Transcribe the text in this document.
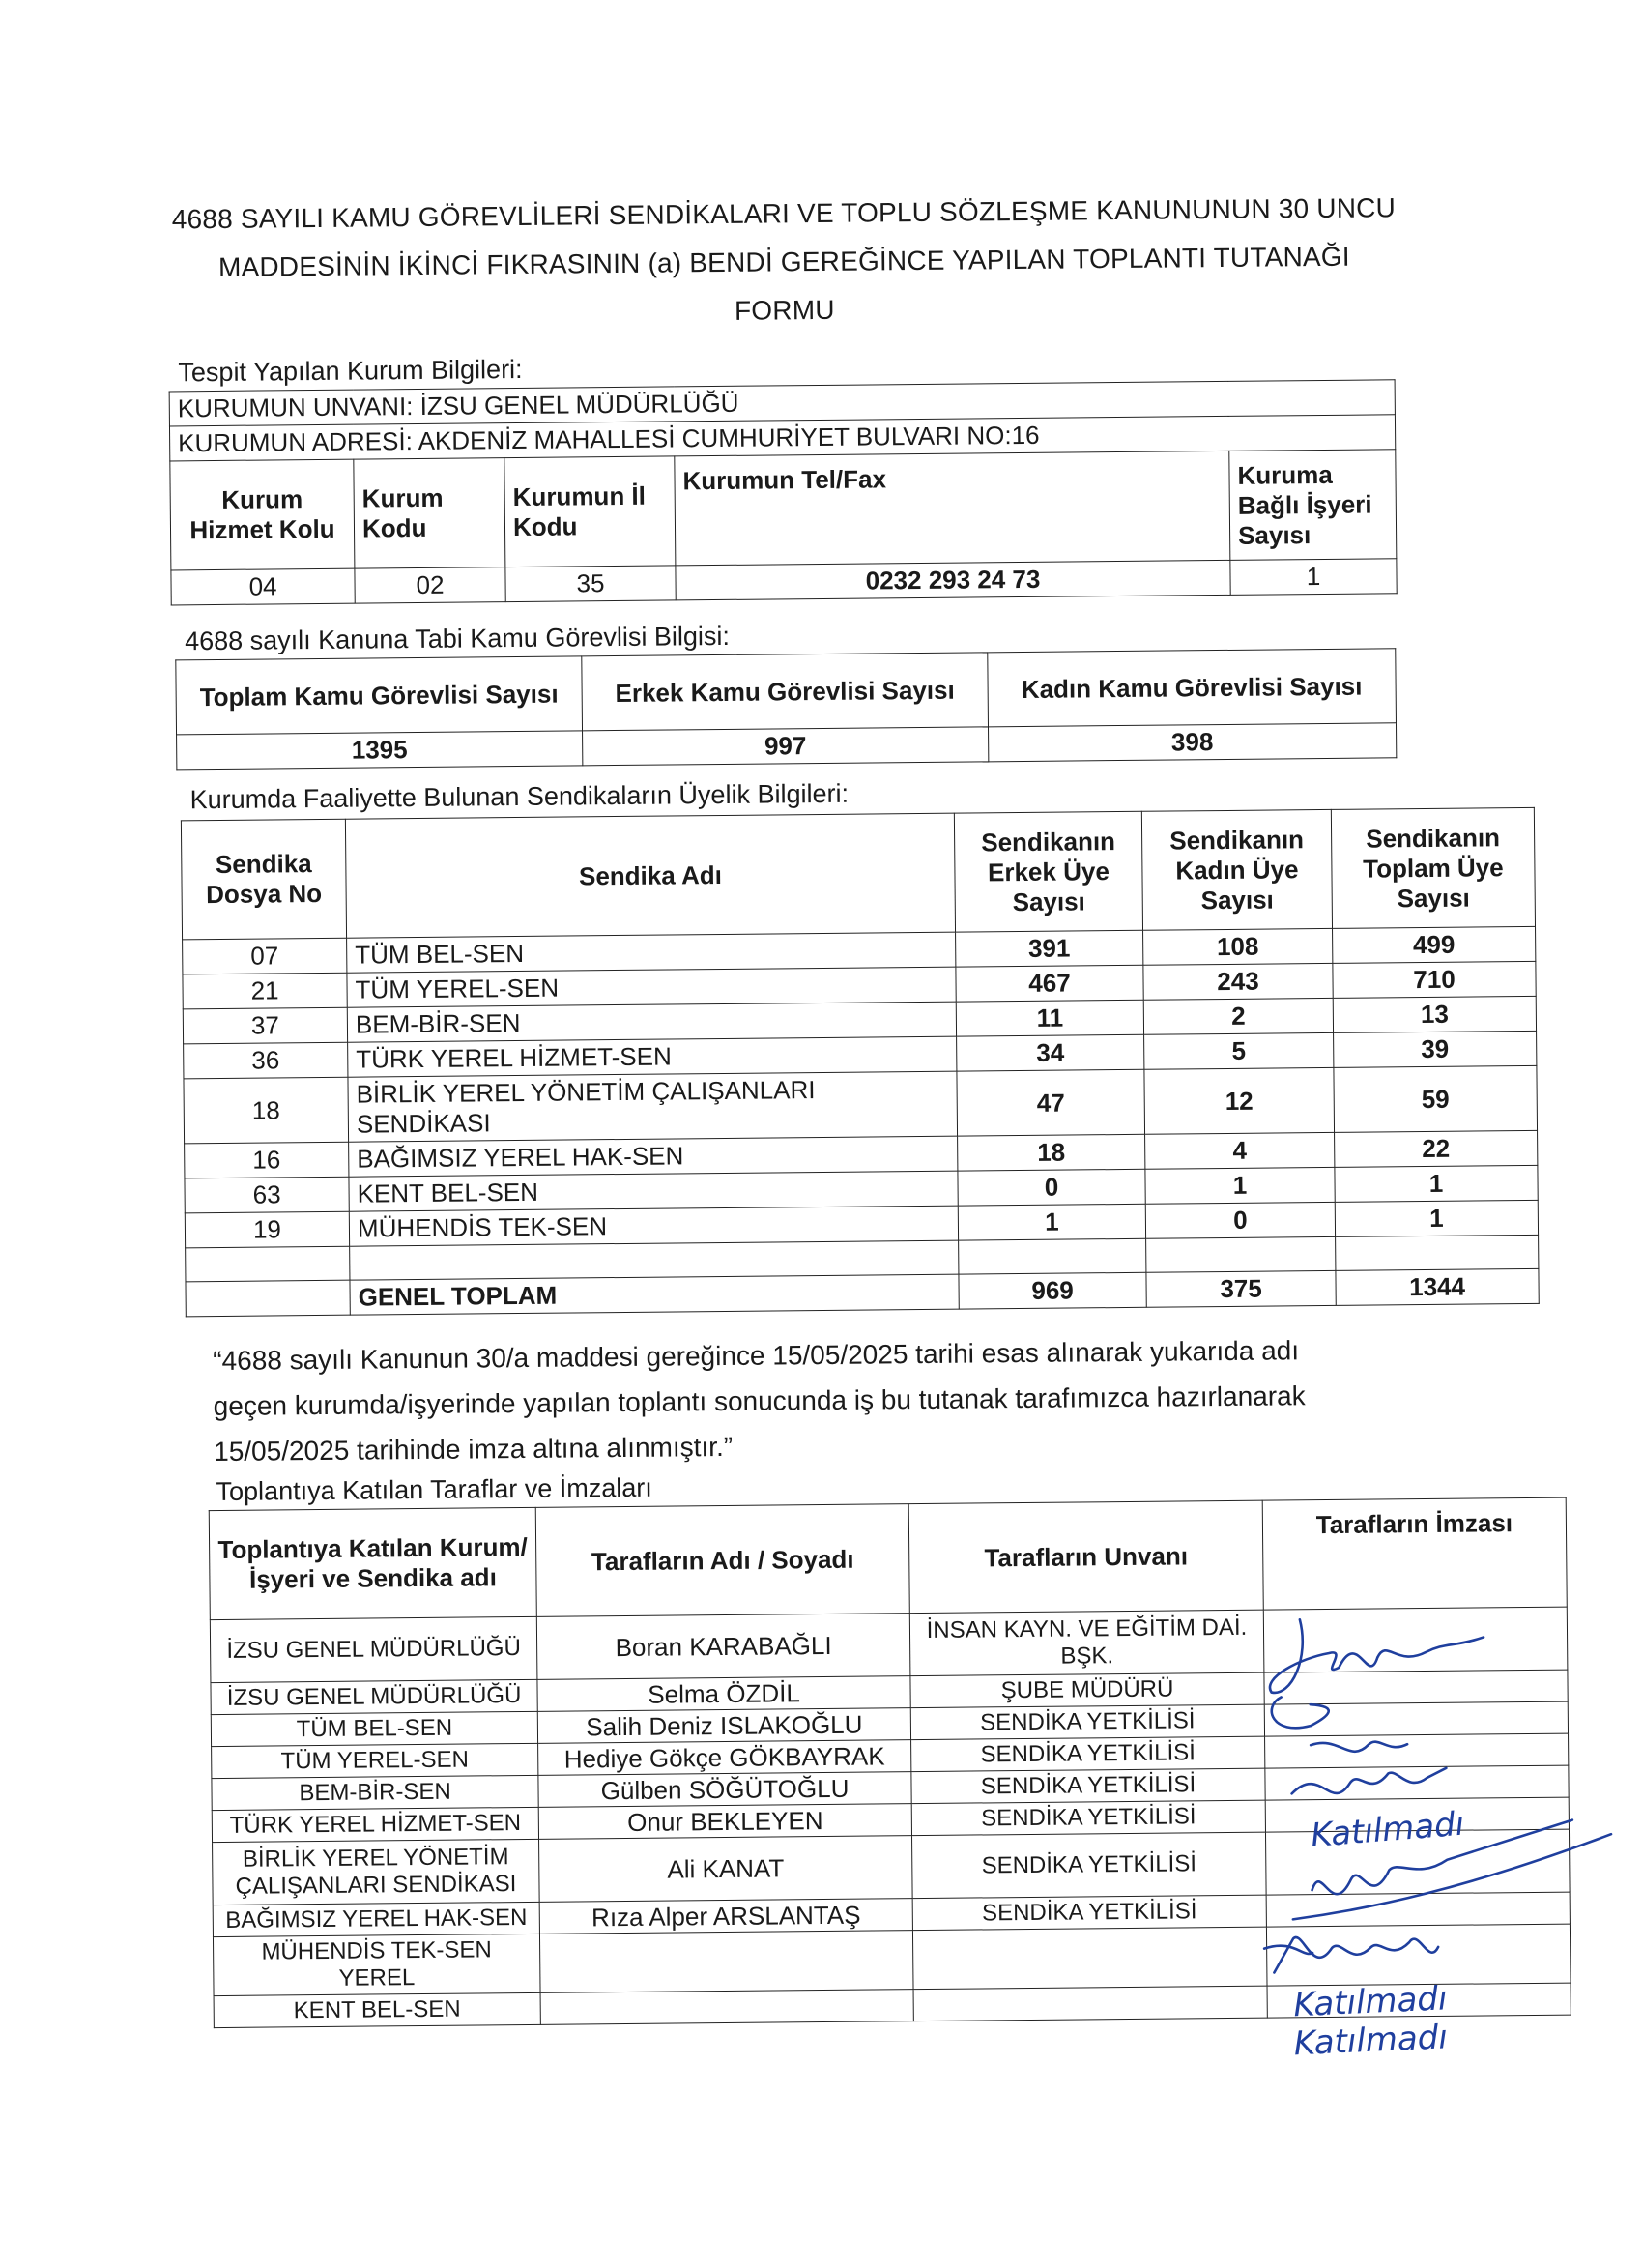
4688 SAYILI KAMU GÖREVLİLERİ SENDİKALARI VE TOPLU SÖZLEŞME KANUNUNUN 30 UNCU
MADDESİNİN İKİNCİ FIKRASININ (a) BENDİ GEREĞİNCE YAPILAN TOPLANTI TUTANAĞI
FORMU
Tespit Yapılan Kurum Bilgileri:
KURUMUN UNVANI: İZSU GENEL MÜDÜRLÜĞÜ				
KURUMUN ADRESİ: AKDENİZ MAHALLESİ CUMHURİYET BULVARI NO:16				
Kurum Hizmet Kolu	Kurum Kodu	Kurumun İl Kodu	Kurumun Tel/Fax	Kuruma Bağlı İşyeri Sayısı
04	02	35	0232 293 24 73	1
4688 sayılı Kanuna Tabi Kamu Görevlisi Bilgisi:
Toplam Kamu Görevlisi Sayısı	Erkek Kamu Görevlisi Sayısı	Kadın Kamu Görevlisi Sayısı
1395	997	398
Kurumda Faaliyette Bulunan Sendikaların Üyelik Bilgileri:
Sendika Dosya No	Sendika Adı	Sendikanın Erkek Üye Sayısı	Sendikanın Kadın Üye Sayısı	Sendikanın Toplam Üye Sayısı
07	TÜM BEL-SEN	391	108	499
21	TÜM YEREL-SEN	467	243	710
37	BEM-BİR-SEN	11	2	13
36	TÜRK YEREL HİZMET-SEN	34	5	39
18	BİRLİK YEREL YÖNETİM ÇALIŞANLARI SENDİKASI	47	12	59
16	BAĞIMSIZ YEREL HAK-SEN	18	4	22
63	KENT BEL-SEN	0	1	1
19	MÜHENDİS TEK-SEN	1	0	1

	GENEL TOPLAM	969	375	1344
“4688 sayılı Kanunun 30/a maddesi gereğince 15/05/2025 tarihi esas alınarak yukarıda adı
geçen kurumda/işyerinde yapılan toplantı sonucunda iş bu tutanak tarafımızca hazırlanarak
15/05/2025 tarihinde imza altına alınmıştır.”
Toplantıya Katılan Taraflar ve İmzaları
Toplantıya Katılan Kurum/İşyeri ve Sendika adı	Tarafların Adı / Soyadı	Tarafların Unvanı	Tarafların İmzası
İZSU GENEL MÜDÜRLÜĞÜ	Boran KARABAĞLI	İNSAN KAYN. VE EĞİTİM DAİ. BŞK.	
İZSU GENEL MÜDÜRLÜĞÜ	Selma ÖZDİL	ŞUBE MÜDÜRÜ	
TÜM BEL-SEN	Salih Deniz ISLAKOĞLU	SENDİKA YETKİLİSİ	
TÜM YEREL-SEN	Hediye Gökçe GÖKBAYRAK	SENDİKA YETKİLİSİ	
BEM-BİR-SEN	Gülben SÖĞÜTOĞLU	SENDİKA YETKİLİSİ	
TÜRK YEREL HİZMET-SEN	Onur BEKLEYEN	SENDİKA YETKİLİSİ	
BİRLİK YEREL YÖNETİM ÇALIŞANLARI SENDİKASI	Ali KANAT	SENDİKA YETKİLİSİ	
BAĞIMSIZ YEREL HAK-SEN	Rıza Alper ARSLANTAŞ	SENDİKA YETKİLİSİ	
MÜHENDİS TEK-SEN YEREL			
KENT BEL-SEN			
Katılmadı
Katılmadı
Katılmadı
